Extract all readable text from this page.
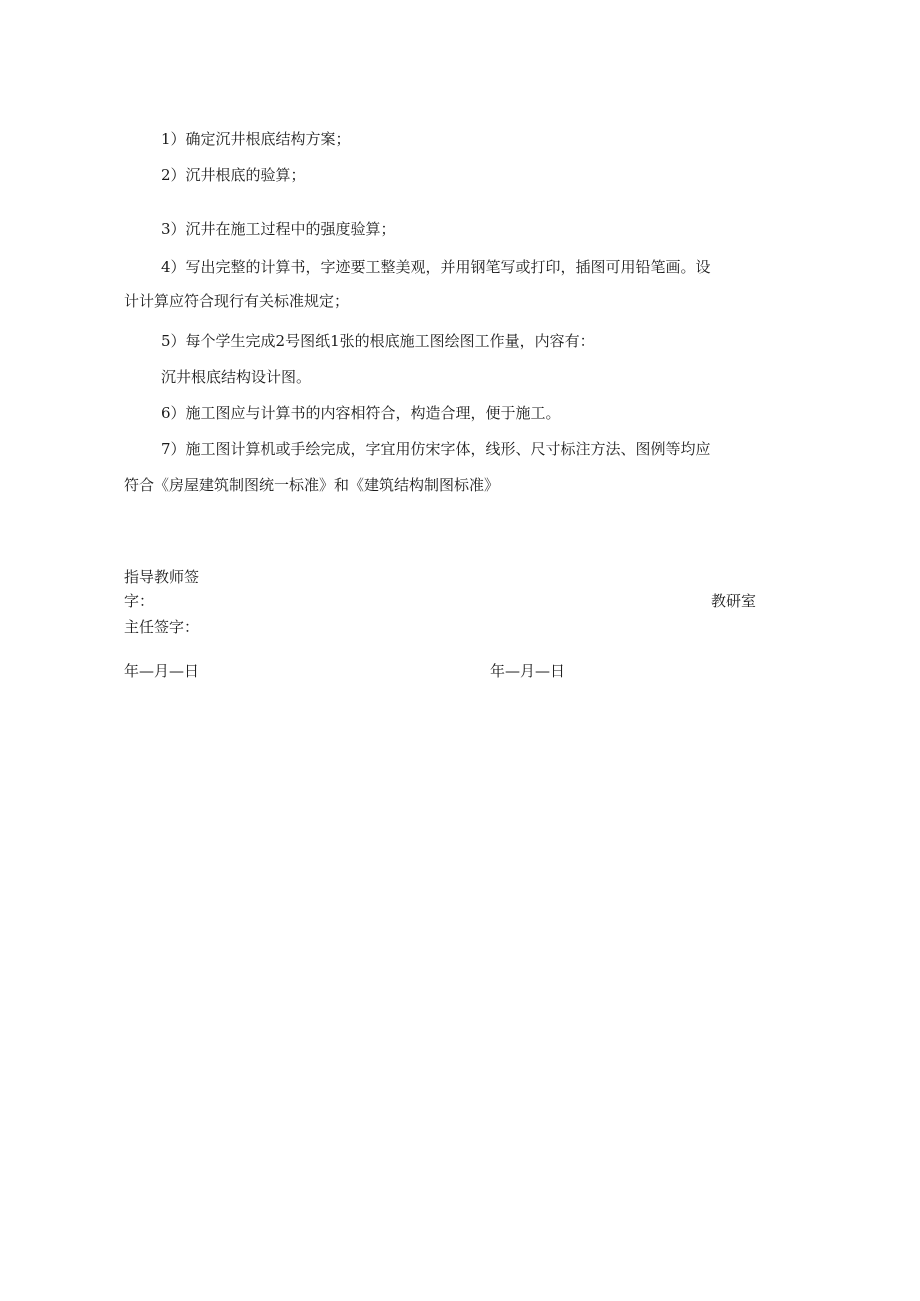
1）确定沉井根底结构方案；
2）沉井根底的验算；
3）沉井在施工过程中的强度验算；
4）写出完整的计算书，字迹要工整美观，并用钢笔写或打印，插图可用铅笔画。设
计计算应符合现行有关标准规定；
5）每个学生完成2号图纸1张的根底施工图绘图工作量，内容有：
沉井根底结构设计图。
6）施工图应与计算书的内容相符合，构造合理，便于施工。
7）施工图计算机或手绘完成，字宜用仿宋字体，线形、尺寸标注方法、图例等均应
符合《房屋建筑制图统一标准》和《建筑结构制图标准》
指导教师签
字：	教研室
主任签字：
年—月—日	年—月—日
